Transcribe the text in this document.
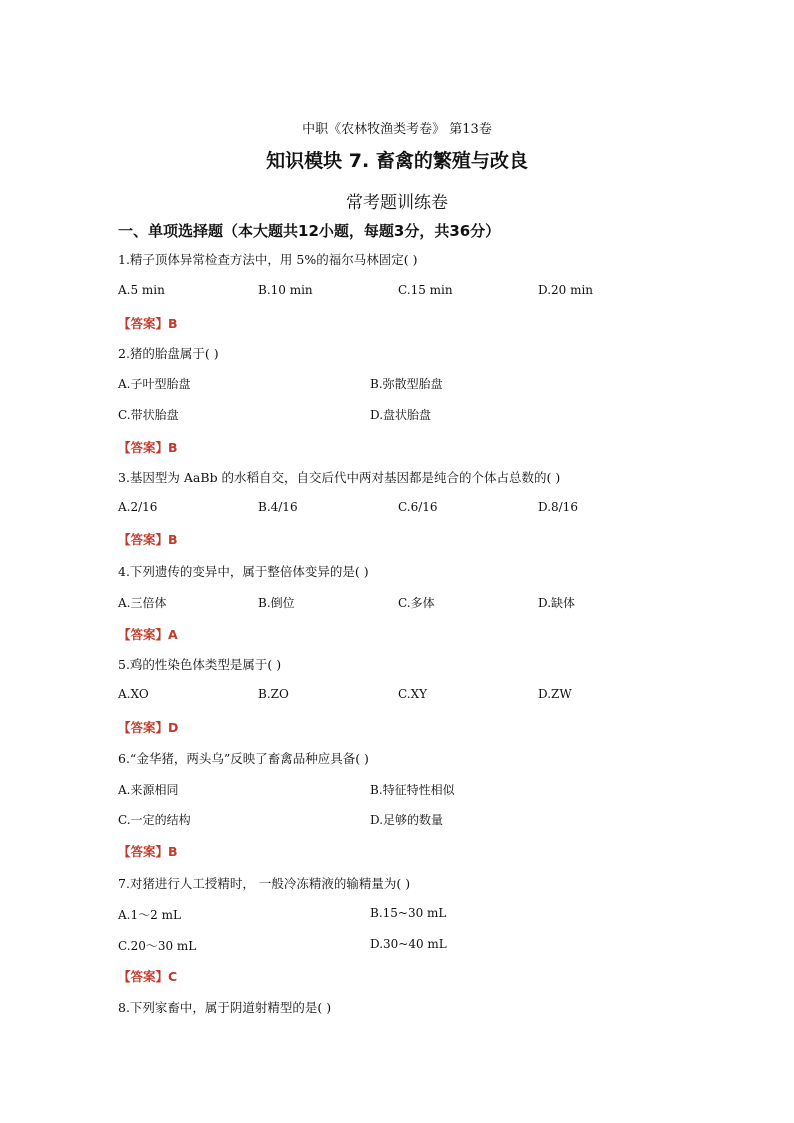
中职《农林牧渔类考卷》 第13卷
知识模块 7. 畜禽的繁殖与改良
常考题训练卷
一、单项选择题（本大题共12小题，每题3分，共36分）
1.精子顶体异常检查方法中，用 5%的福尔马林固定( )
A.5 min	B.10 min	C.15 min	D.20 min
【答案】B
2.猪的胎盘属于( )
A.子叶型胎盘	B.弥散型胎盘
C.带状胎盘	D.盘状胎盘
【答案】B
3.基因型为 AaBb 的水稻自交，自交后代中两对基因都是纯合的个体占总数的( )
A.2/16	B.4/16	C.6/16	D.8/16
【答案】B
4.下列遗传的变异中，属于整倍体变异的是( )
A.三倍体	B.倒位	C.多体	D.缺体
【答案】A
5.鸡的性染色体类型是属于( )
A.XO	B.ZO	C.XY	D.ZW
【答案】D
6.“金华猪，两头乌”反映了畜禽品种应具备( )
A.来源相同	B.特征特性相似
C.一定的结构	D.足够的数量
【答案】B
7.对猪进行人工授精时， 一般冷冻精液的输精量为( )
A.1～2 mL	B.15~30 mL
C.20～30 mL	D.30~40 mL
【答案】C
8.下列家畜中，属于阴道射精型的是( )
